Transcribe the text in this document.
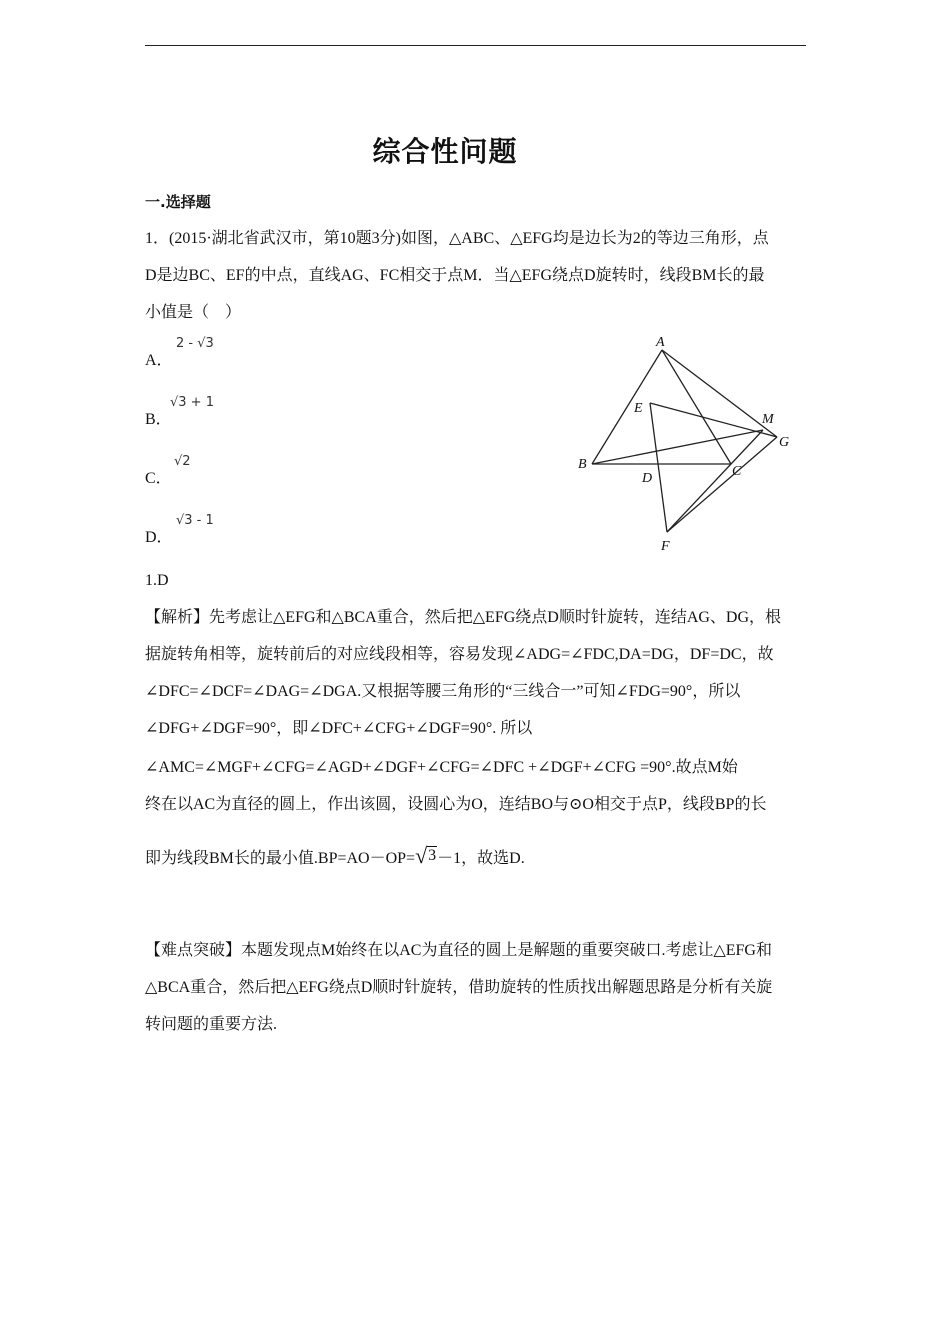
综合性问题
一.选择题
1．(2015·湖北省武汉市，第10题3分)如图，△ABC、△EFG均是边长为2的等边三角形，点
D是边BC、EF的中点，直线AG、FC相交于点M．当△EFG绕点D旋转时，线段BM长的最
小值是（　）
A．
2 - √3
B．
√3 + 1
C．
√2
D．
√3 - 1
A
B	C
D
E
F
G
M
1.D
【解析】先考虑让△EFG和△BCA重合，然后把△EFG绕点D顺时针旋转，连结AG、DG，根
据旋转角相等，旋转前后的对应线段相等，容易发现∠ADG=∠FDC,DA=DG，DF=DC，故
∠DFC=∠DCF=∠DAG=∠DGA.又根据等腰三角形的“三线合一”可知∠FDG=90°，所以
∠DFG+∠DGF=90°，即∠DFC+∠CFG+∠DGF=90°. 所以
∠AMC=∠MGF+∠CFG=∠AGD+∠DGF+∠CFG=∠DFC +∠DGF+∠CFG =90°.故点M始
终在以AC为直径的圆上，作出该圆，设圆心为O，连结BO与⊙O相交于点P，线段BP的长
即为线段BM长的最小值.BP=AO－OP=√3－1，故选D.
【难点突破】本题发现点M始终在以AC为直径的圆上是解题的重要突破口.考虑让△EFG和
△BCA重合，然后把△EFG绕点D顺时针旋转，借助旋转的性质找出解题思路是分析有关旋
转问题的重要方法.
